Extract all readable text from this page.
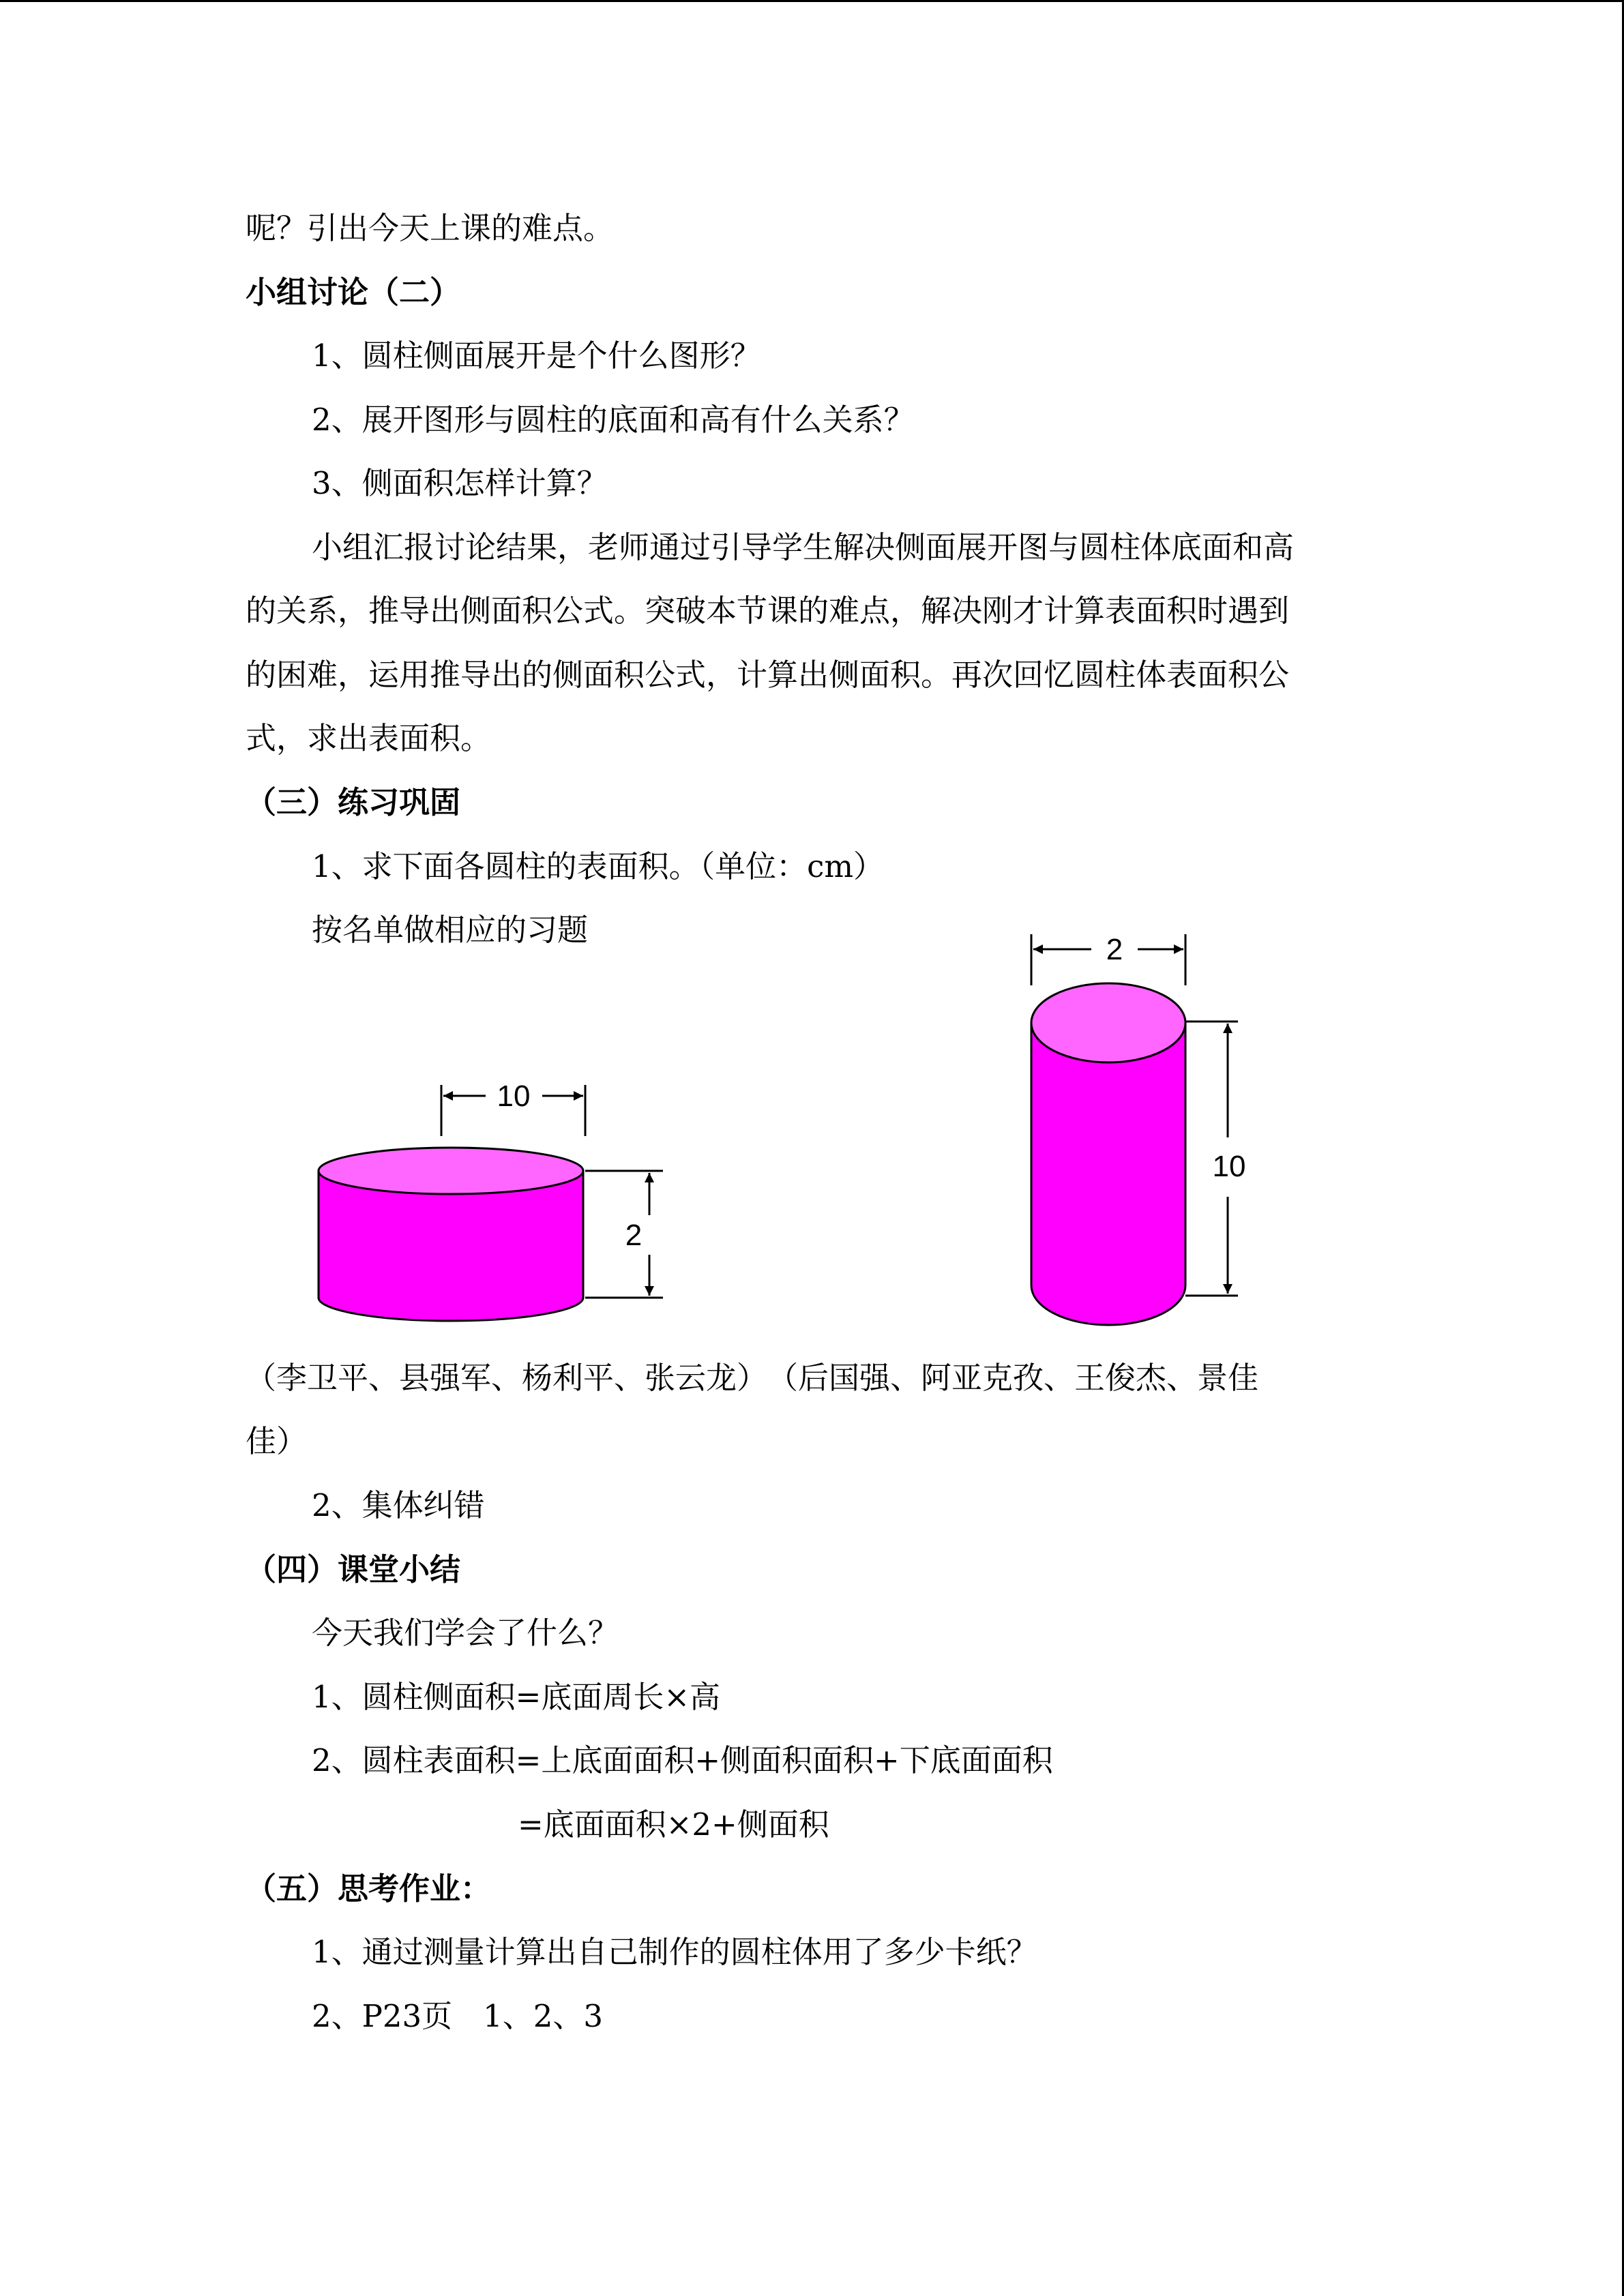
呢？引出今天上课的难点。
小组讨论（二）
1、圆柱侧面展开是个什么图形？
2、展开图形与圆柱的底面和高有什么关系？
3、侧面积怎样计算？
小组汇报讨论结果，老师通过引导学生解决侧面展开图与圆柱体底面和高
的关系，推导出侧面积公式。突破本节课的难点，解决刚才计算表面积时遇到
的困难，运用推导出的侧面积公式，计算出侧面积。再次回忆圆柱体表面积公
式，求出表面积。
（三）练习巩固
1、求下面各圆柱的表面积。（单位：cm）
按名单做相应的习题
10
2
2
10
（李卫平、县强军、杨利平、张云龙）　（后国强、阿亚克孜、王俊杰、景佳
佳）
2、集体纠错
（四）课堂小结
今天我们学会了什么？
1、圆柱侧面积=底面周长×高
2、圆柱表面积=上底面面积+侧面积面积+下底面面积
=底面面积×2+侧面积
（五）思考作业：
1、通过测量计算出自己制作的圆柱体用了多少卡纸？
2、P23页　1、2、3
